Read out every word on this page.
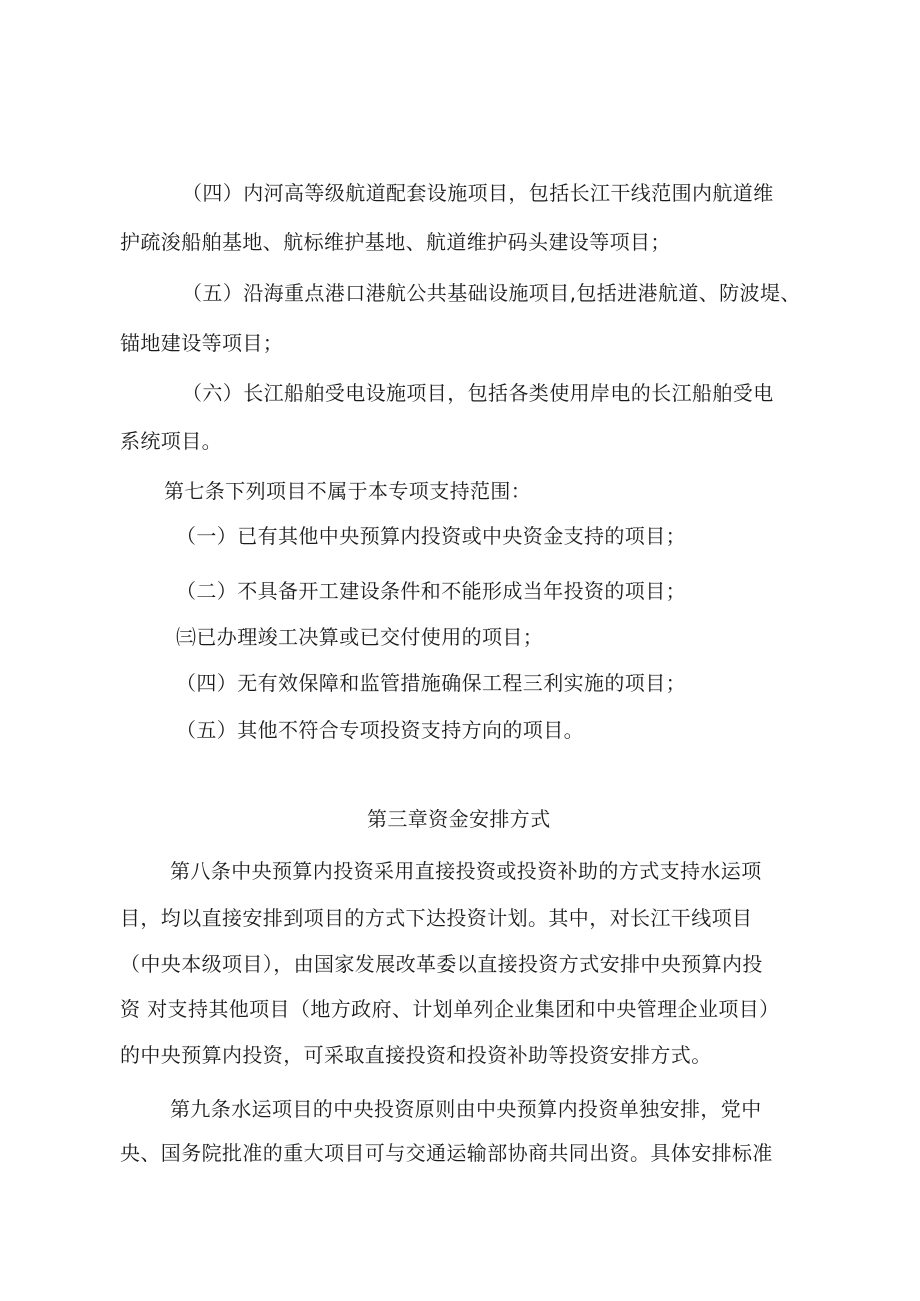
（四）内河高等级航道配套设施项目，包括长江干线范围内航道维
护疏浚船舶基地、航标维护基地、航道维护码头建设等项目；
（五）沿海重点港口港航公共基础设施项目,包括进港航道、防波堤、
锚地建设等项目；
（六）长江船舶受电设施项目，包括各类使用岸电的长江船舶受电
系统项目。
第七条下列项目不属于本专项支持范围：
（一）已有其他中央预算内投资或中央资金支持的项目；
（二）不具备开工建设条件和不能形成当年投资的项目；
㈢已办理竣工决算或已交付使用的项目；
（四）无有效保障和监管措施确保工程三利实施的项目；
（五）其他不符合专项投资支持方向的项目。
第三章资金安排方式
第八条中央预算内投资采用直接投资或投资补助的方式支持水运项
目，均以直接安排到项目的方式下达投资计划。其中，对长江干线项目
（中央本级项目），由国家发展改革委以直接投资方式安排中央预算内投
资 对支持其他项目（地方政府、计划单列企业集团和中央管理企业项目）
的中央预算内投资，可采取直接投资和投资补助等投资安排方式。
第九条水运项目的中央投资原则由中央预算内投资单独安排，党中
央、国务院批准的重大项目可与交通运输部协商共同出资。具体安排标准
